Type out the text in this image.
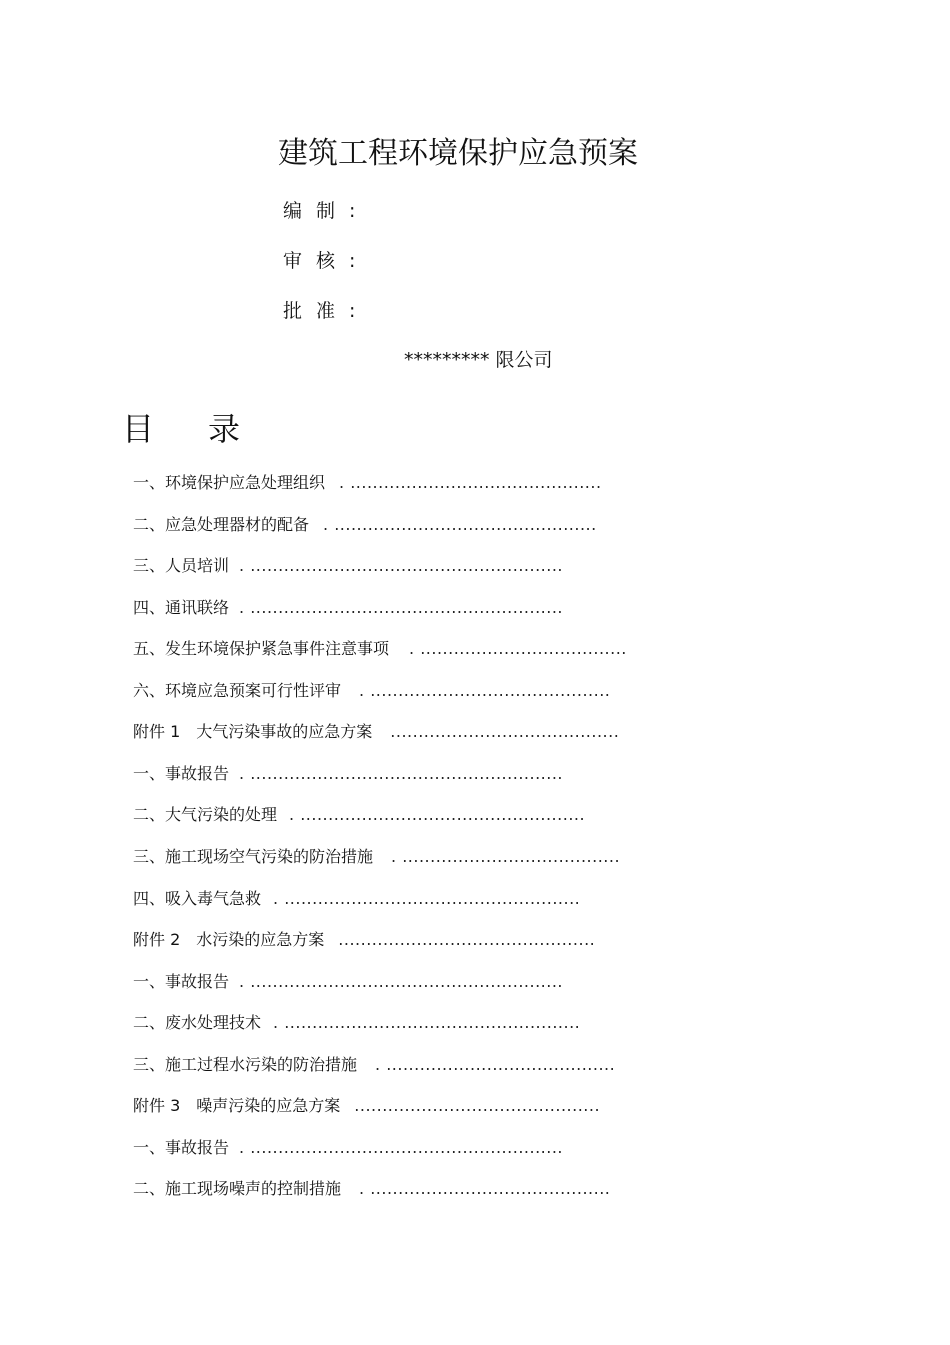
建筑工程环境保护应急预案
编制:
审核:
批准:
********* 限公司
目 录
一、环境保护应急处理组织 . .............................................
二、应急处理器材的配备 . ...............................................
三、人员培训 . ........................................................
四、通讯联络 . ........................................................
五、发生环境保护紧急事件注意事项 . .....................................
六、环境应急预案可行性评审 . ...........................................
附件 1　大气污染事故的应急方案 .........................................
一、事故报告 . ........................................................
二、大气污染的处理 . ...................................................
三、施工现场空气污染的防治措施 . .......................................
四、吸入毒气急救 . .....................................................
附件 2　水污染的应急方案 ..............................................
一、事故报告 . ........................................................
二、废水处理技术 . .....................................................
三、施工过程水污染的防治措施 . .........................................
附件 3　噪声污染的应急方案 ............................................
一、事故报告 . ........................................................
二、施工现场噪声的控制措施 . ...........................................
